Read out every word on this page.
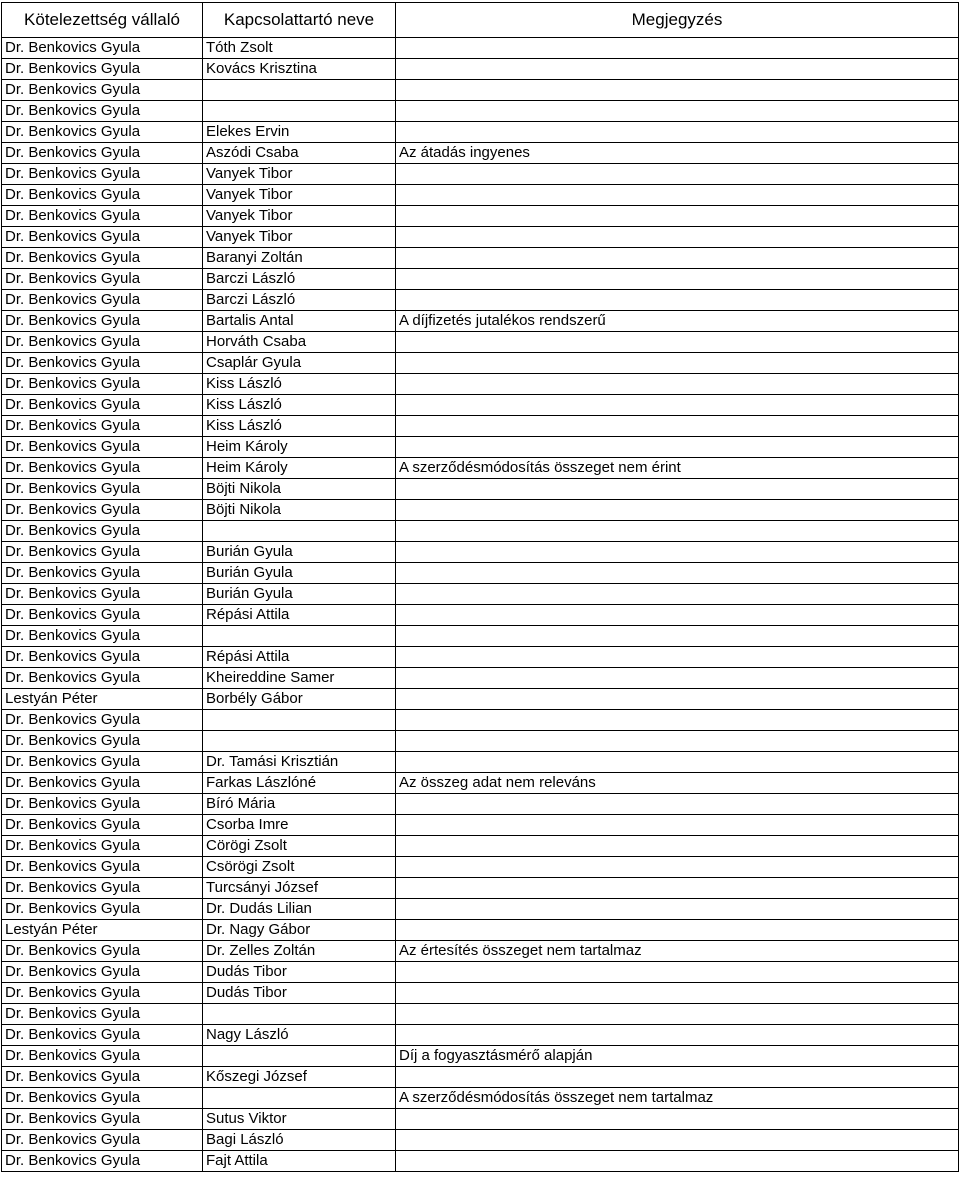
Kötelezettség vállaló	Kapcsolattartó neve	Megjegyzés
Dr. Benkovics Gyula	Tóth Zsolt	
Dr. Benkovics Gyula	Kovács Krisztina	
Dr. Benkovics Gyula		
Dr. Benkovics Gyula		
Dr. Benkovics Gyula	Elekes Ervin	
Dr. Benkovics Gyula	Aszódi Csaba	Az átadás ingyenes
Dr. Benkovics Gyula	Vanyek Tibor	
Dr. Benkovics Gyula	Vanyek Tibor	
Dr. Benkovics Gyula	Vanyek Tibor	
Dr. Benkovics Gyula	Vanyek Tibor	
Dr. Benkovics Gyula	Baranyi Zoltán	
Dr. Benkovics Gyula	Barczi László	
Dr. Benkovics Gyula	Barczi László	
Dr. Benkovics Gyula	Bartalis Antal	A díjfizetés jutalékos rendszerű
Dr. Benkovics Gyula	Horváth Csaba	
Dr. Benkovics Gyula	Csaplár Gyula	
Dr. Benkovics Gyula	Kiss László	
Dr. Benkovics Gyula	Kiss László	
Dr. Benkovics Gyula	Kiss László	
Dr. Benkovics Gyula	Heim Károly	
Dr. Benkovics Gyula	Heim Károly	A szerződésmódosítás összeget nem érint
Dr. Benkovics Gyula	Böjti Nikola	
Dr. Benkovics Gyula	Böjti Nikola	
Dr. Benkovics Gyula		
Dr. Benkovics Gyula	Burián Gyula	
Dr. Benkovics Gyula	Burián Gyula	
Dr. Benkovics Gyula	Burián Gyula	
Dr. Benkovics Gyula	Répási Attila	
Dr. Benkovics Gyula		
Dr. Benkovics Gyula	Répási Attila	
Dr. Benkovics Gyula	Kheireddine Samer	
Lestyán Péter	Borbély Gábor	
Dr. Benkovics Gyula		
Dr. Benkovics Gyula		
Dr. Benkovics Gyula	Dr. Tamási Krisztián	
Dr. Benkovics Gyula	Farkas Lászlóné	Az összeg adat nem releváns
Dr. Benkovics Gyula	Bíró Mária	
Dr. Benkovics Gyula	Csorba Imre	
Dr. Benkovics Gyula	Cörögi Zsolt	
Dr. Benkovics Gyula	Csörögi Zsolt	
Dr. Benkovics Gyula	Turcsányi József	
Dr. Benkovics Gyula	Dr. Dudás Lilian	
Lestyán Péter	Dr. Nagy Gábor	
Dr. Benkovics Gyula	Dr. Zelles Zoltán	Az értesítés összeget nem tartalmaz
Dr. Benkovics Gyula	Dudás Tibor	
Dr. Benkovics Gyula	Dudás Tibor	
Dr. Benkovics Gyula		
Dr. Benkovics Gyula	Nagy László	
Dr. Benkovics Gyula		Díj a fogyasztásmérő alapján
Dr. Benkovics Gyula	Kőszegi József	
Dr. Benkovics Gyula		A szerződésmódosítás összeget nem tartalmaz
Dr. Benkovics Gyula	Sutus Viktor	
Dr. Benkovics Gyula	Bagi László	
Dr. Benkovics Gyula	Fajt Attila	
